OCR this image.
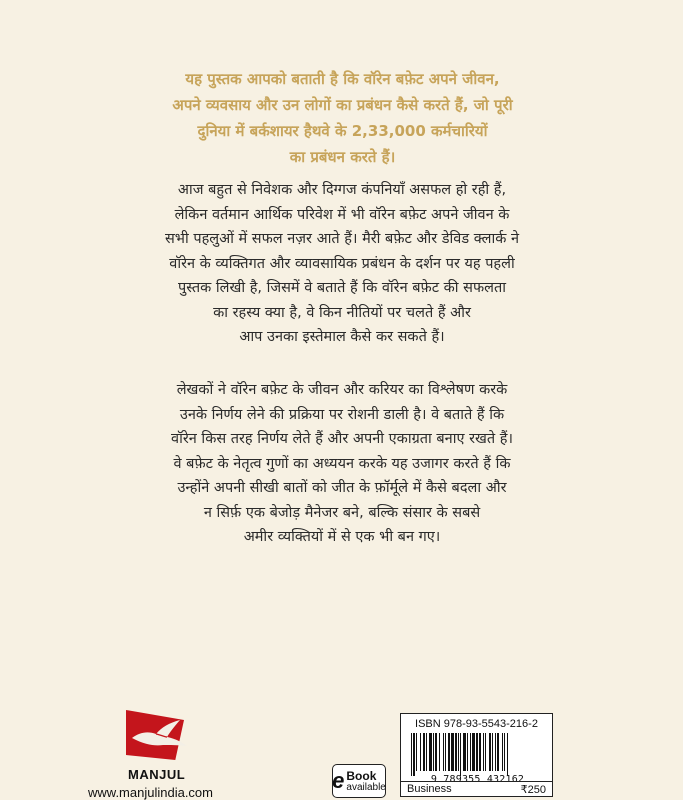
यह पुस्तक आपको बताती है कि वॉरेन बफ़ेट अपने जीवन,
अपने व्यवसाय और उन लोगों का प्रबंधन कैसे करते हैं, जो पूरी
दुनिया में बर्कशायर हैथवे के 2,33,000 कर्मचारियों
का प्रबंधन करते हैं।
आज बहुत से निवेशक और दिग्गज कंपनियाँ असफल हो रही हैं,
लेकिन वर्तमान आर्थिक परिवेश में भी वॉरेन बफ़ेट अपने जीवन के
सभी पहलुओं में सफल नज़र आते हैं। मैरी बफ़ेट और डेविड क्लार्क ने
वॉरेन के व्यक्तिगत और व्यावसायिक प्रबंधन के दर्शन पर यह पहली
पुस्तक लिखी है, जिसमें वे बताते हैं कि वॉरेन बफ़ेट की सफलता
का रहस्य क्या है, वे किन नीतियों पर चलते हैं और
आप उनका इस्तेमाल कैसे कर सकते हैं।
लेखकों ने वॉरेन बफ़ेट के जीवन और करियर का विश्लेषण करके
उनके निर्णय लेने की प्रक्रिया पर रोशनी डाली है। वे बताते हैं कि
वॉरेन किस तरह निर्णय लेते हैं और अपनी एकाग्रता बनाए रखते हैं।
वे बफ़ेट के नेतृत्व गुणों का अध्ययन करके यह उजागर करते हैं कि
उन्होंने अपनी सीखी बातों को जीत के फ़ॉर्मूले में कैसे बदला और
न सिर्फ़ एक बेजोड़ मैनेजर बने, बल्कि संसार के सबसे
अमीर व्यक्तियों में से एक भी बन गए।
MANJUL
www.manjulindia.com	e Book
available
ISBN 978-93-5543-216-2
9 789355 432162
Business	₹250
